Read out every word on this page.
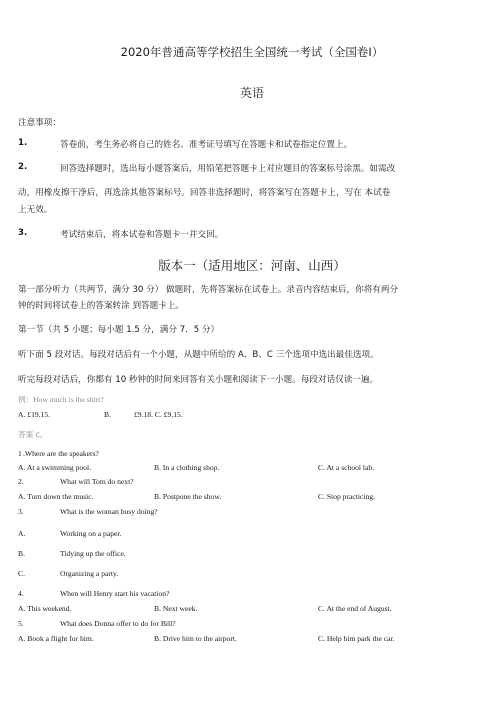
2020年普通高等学校招生全国统一考试（全国卷Ⅰ）
英语
注意事项：
1.	答卷前，考生务必将自己的姓名、准考证号填写在答题卡和试卷指定位置上。
2.	回答选择题时，选出每小题答案后，用铅笔把答题卡上对应题目的答案标号涂黑。如需改
动，用橡皮擦干净后，再选涂其他答案标号。回答非选择题时，将答案写在答题卡上，写在 本试卷
上无效。
3.	考试结束后，将本试卷和答题卡一并交回。
版本一（适用地区：河南、山西）
第一部分听力（共两节，满分 30 分） 做题时，先将答案标在试卷上。录音内容结束后，你将有两分
钟的时间将试卷上的答案转涂 到答题卡上。
第一节（共 5 小题；每小题 1.5 分，满分 7．5 分）
听下面 5 段对话。每段对话后有一个小题，从题中所给的 A、B、C 三个选项中选出最佳选项。
听完每段对话后，你都有 10 秒钟的时间来回答有关小题和阅读下一小题。每段对话仅读一遍。
例：How much is the shirt?
A. £19.15.	B.	£9.18. C. £9.15.
答案 c。
1 .Where are the speakers?
A. At a swimming pool.	B. In a clothing shop.	C. At a school lab.
2.	What will Tom do next?
A. Turn down the music.	B. Postpone the show.	C. Stop practicing.
3.	What is the woman busy doing?
A.	Working on a paper.
B.	Tidying up the office.
C.	Organizing a party.
4.	When will Henry start his vacation?
A. This weekend.	B. Next week.	C. At the end of August.
5.	What does Donna offer to do for Bill?
A. Book a flight for him.	B. Drive him to the airport.	C. Help him park the car.
